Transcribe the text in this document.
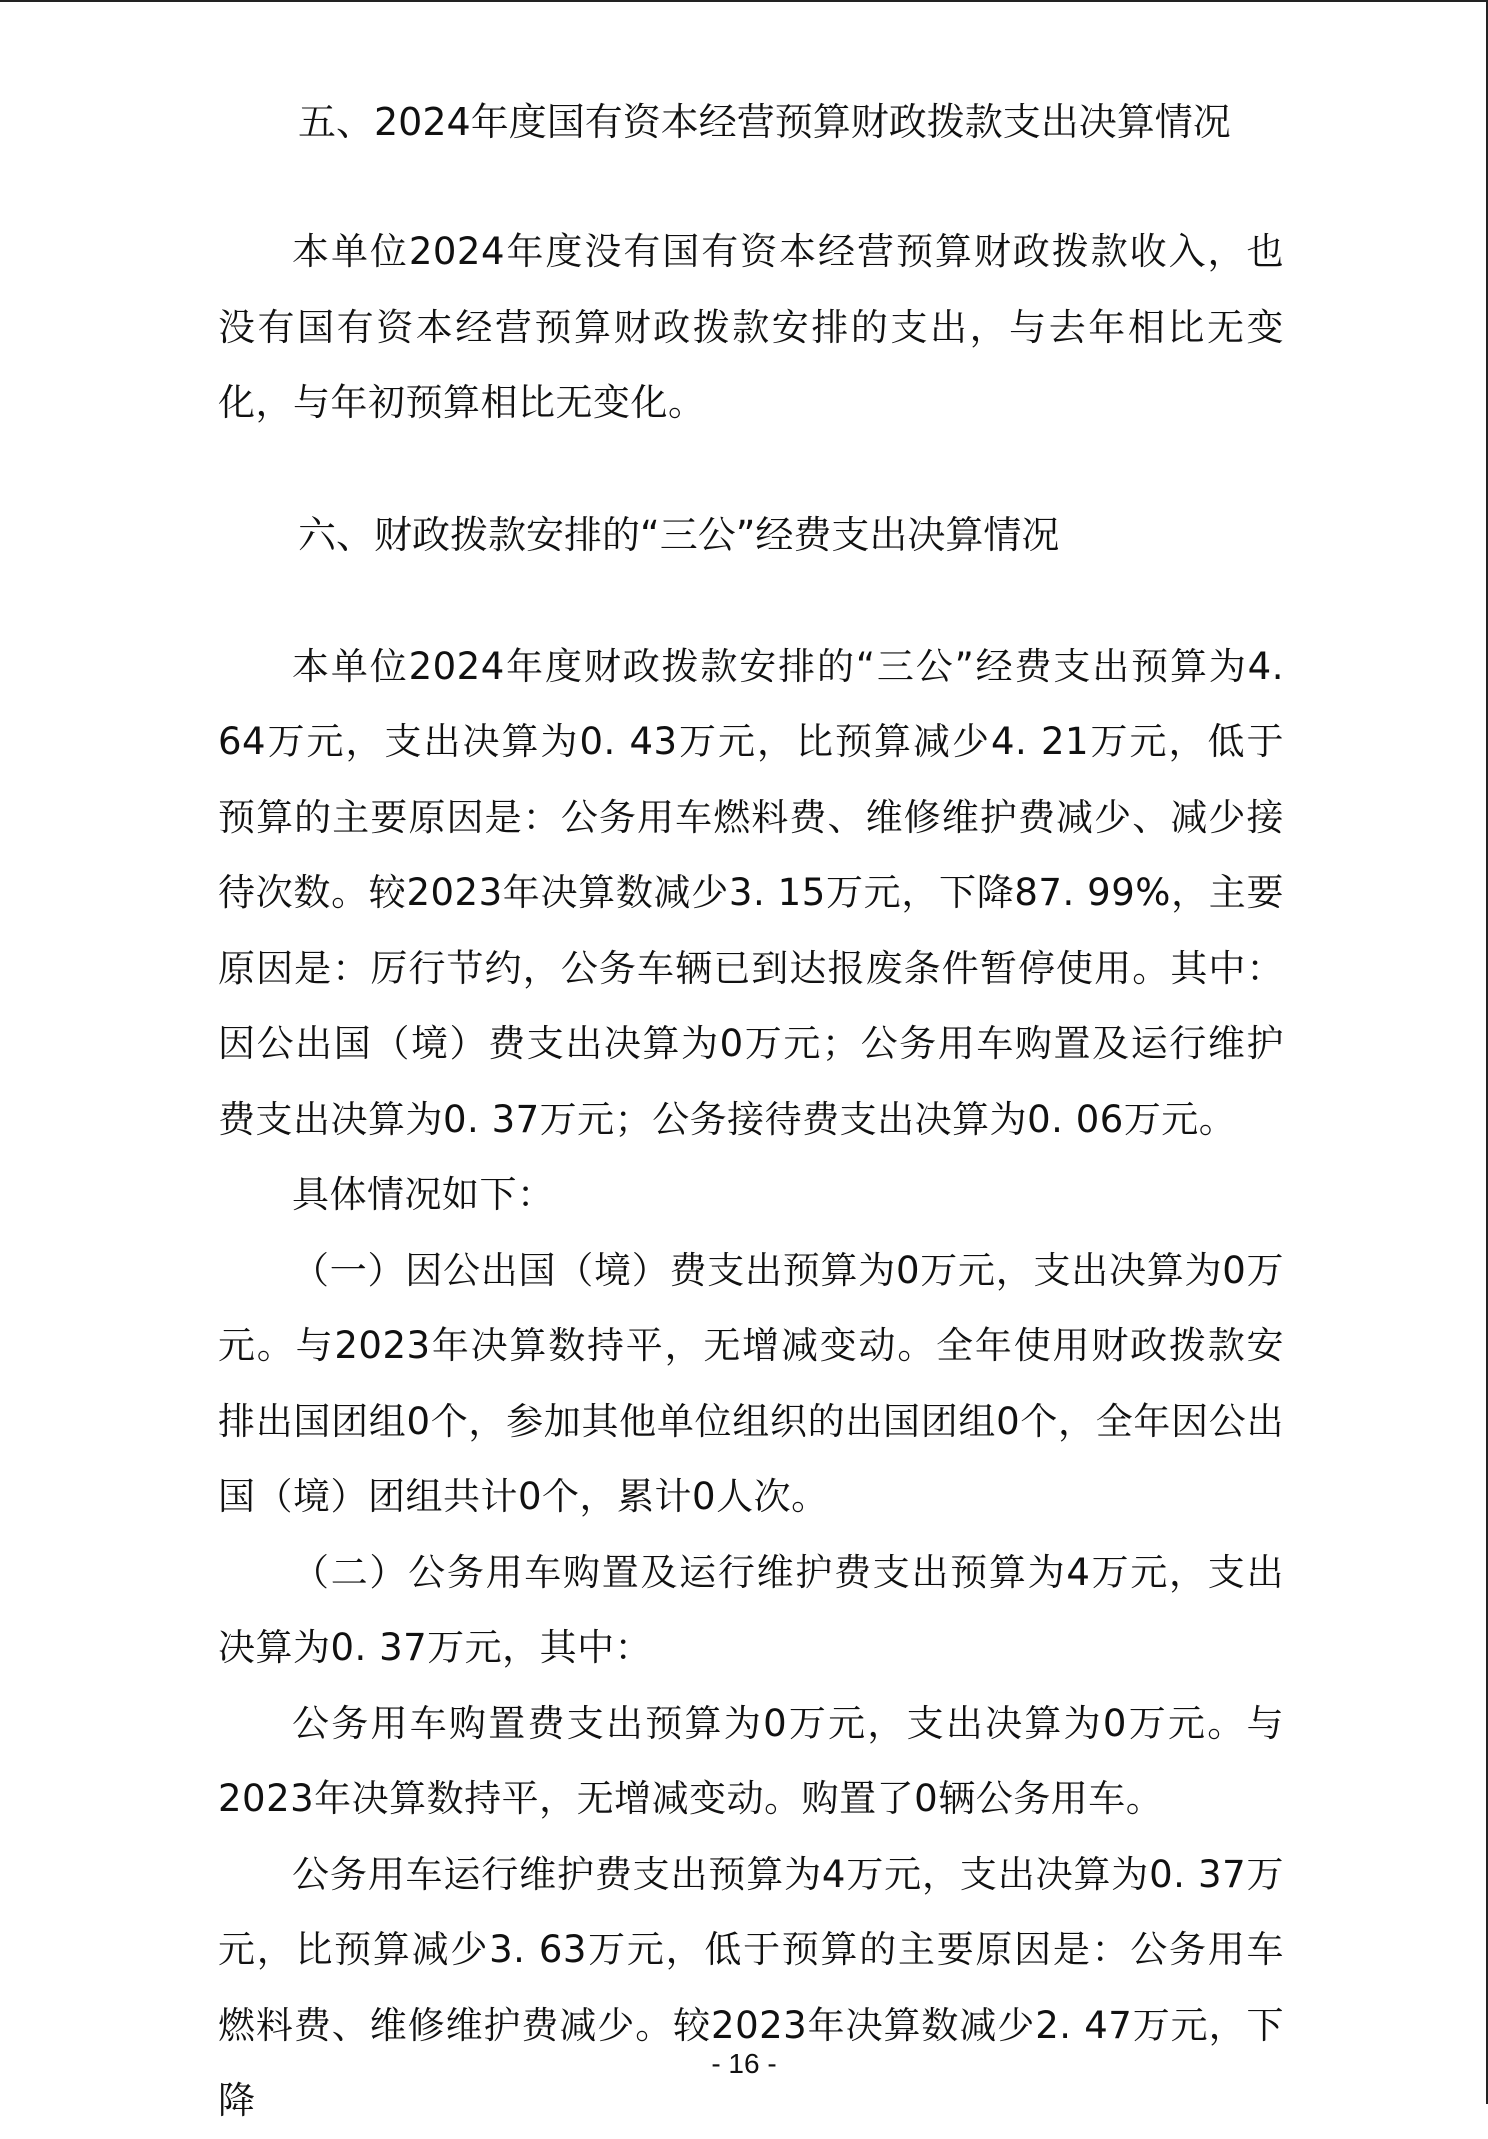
五、2024年度国有资本经营预算财政拨款支出决算情况

本单位2024年度没有国有资本经营预算财政拨款收入，也没有国有资本经营预算财政拨款安排的支出，与去年相比无变化，与年初预算相比无变化。

六、财政拨款安排的“三公”经费支出决算情况

本单位2024年度财政拨款安排的“三公”经费支出预算为4. 64万元，支出决算为0. 43万元，比预算减少4. 21万元，低于预算的主要原因是：公务用车燃料费、维修维护费减少、减少接待次数。较2023年决算数减少3. 15万元，下降87. 99%，主要原因是：厉行节约，公务车辆已到达报废条件暂停使用。其中：因公出国（境）费支出决算为0万元；公务用车购置及运行维护费支出决算为0. 37万元；公务接待费支出决算为0. 06万元。

具体情况如下：

（一）因公出国（境）费支出预算为0万元，支出决算为0万元。与2023年决算数持平，无增减变动。全年使用财政拨款安排出国团组0个，参加其他单位组织的出国团组0个，全年因公出国（境）团组共计0个，累计0人次。

（二）公务用车购置及运行维护费支出预算为4万元，支出决算为0. 37万元，其中：

公务用车购置费支出预算为0万元，支出决算为0万元。与2023年决算数持平，无增减变动。购置了0辆公务用车。

公务用车运行维护费支出预算为4万元，支出决算为0. 37万元，比预算减少3. 63万元，低于预算的主要原因是：公务用车燃料费、维修维护费减少。较2023年决算数减少2. 47万元，下降

- 16 -
